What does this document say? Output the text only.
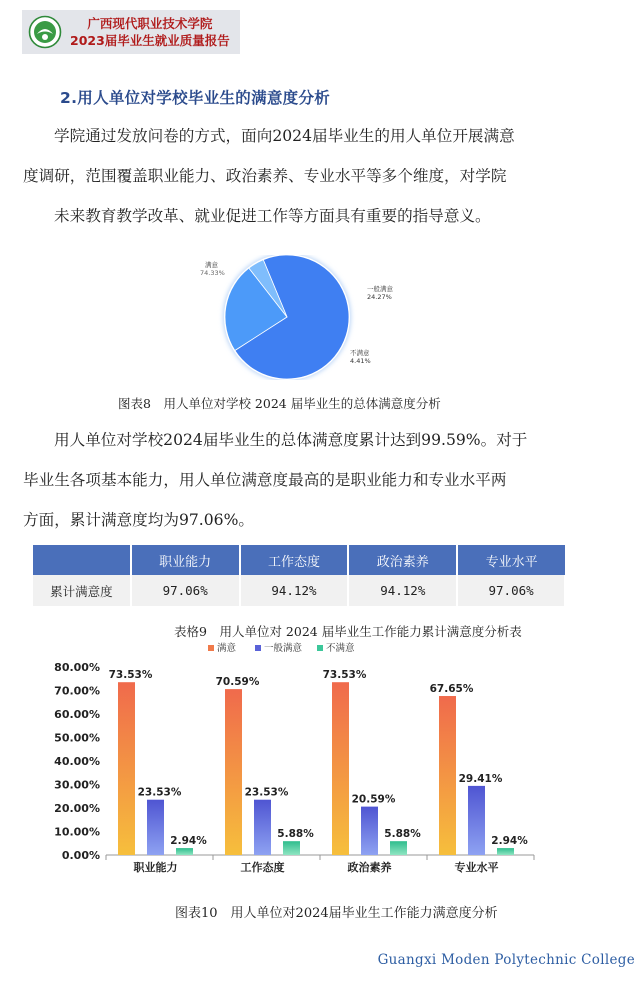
广西现代职业技术学院
2023届毕业生就业质量报告
2.用人单位对学校毕业生的满意度分析
学院通过发放问卷的方式，面向2024届毕业生的用人单位开展满意
度调研，范围覆盖职业能力、政治素养、专业水平等多个维度，对学院
未来教育教学改革、就业促进工作等方面具有重要的指导意义。
满意
74.33%
一般满意
24.27%
不满意
4.41%
图表8　用人单位对学校 2024 届毕业生的总体满意度分析
用人单位对学校2024届毕业生的总体满意度累计达到99.59%。对于
毕业生各项基本能力，用人单位满意度最高的是职业能力和专业水平两
方面，累计满意度均为97.06%。
	职业能力	工作态度	政治素养	专业水平
累计满意度	97.06%	94.12%	94.12%	97.06%
表格9　用人单位对 2024 届毕业生工作能力累计满意度分析表
满意	一般满意	不满意
0.00%
10.00%
20.00%
30.00%
40.00%
50.00%
60.00%
70.00%
80.00%
73.53%
23.53%
2.94%
职业能力
70.59%
23.53%
5.88%
工作态度
73.53%
20.59%
5.88%
政治素养
67.65%
29.41%
2.94%
专业水平
图表10　用人单位对2024届毕业生工作能力满意度分析
Guangxi Moden Polytechnic College
